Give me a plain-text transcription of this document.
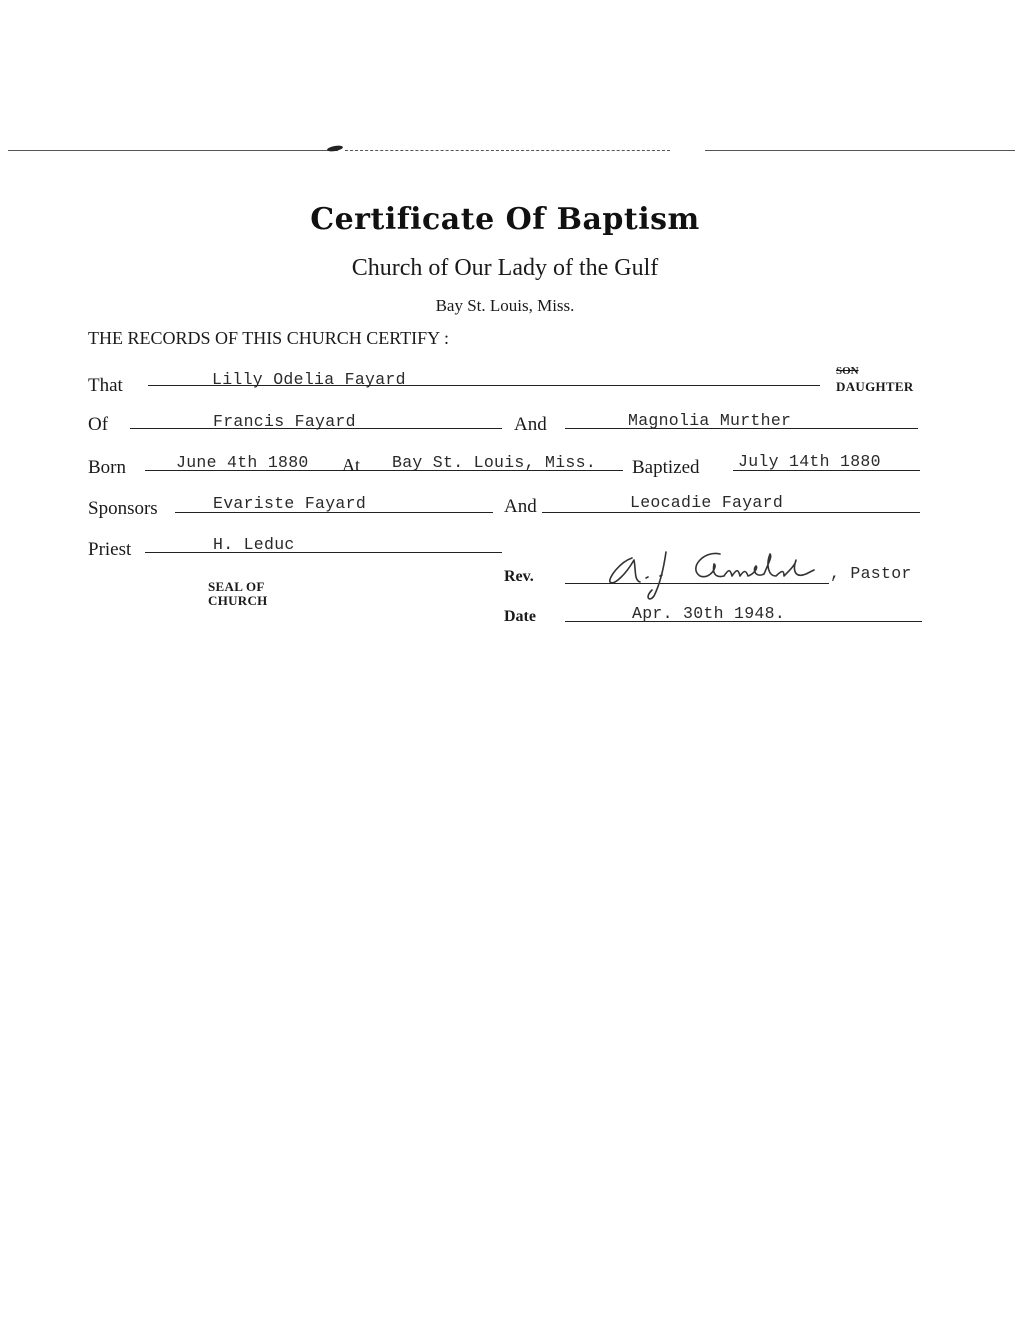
Certificate Of Baptism
Church of Our Lady of the Gulf
Bay St. Louis, Miss.
THE RECORDS OF THIS CHURCH CERTIFY :
That	Lilly Odelia Fayard	SON
DAUGHTER
Of	Francis Fayard	And	Magnolia Murther
Born	June 4th 1880 At Bay St. Louis, Miss. Baptized July 14th 1880
Sponsors	Evariste Fayard	And	Leocadie Fayard
Priest	H. Leduc
SEAL OF
CHURCH
Rev.	, Pastor
Date	Apr. 30th 1948.
